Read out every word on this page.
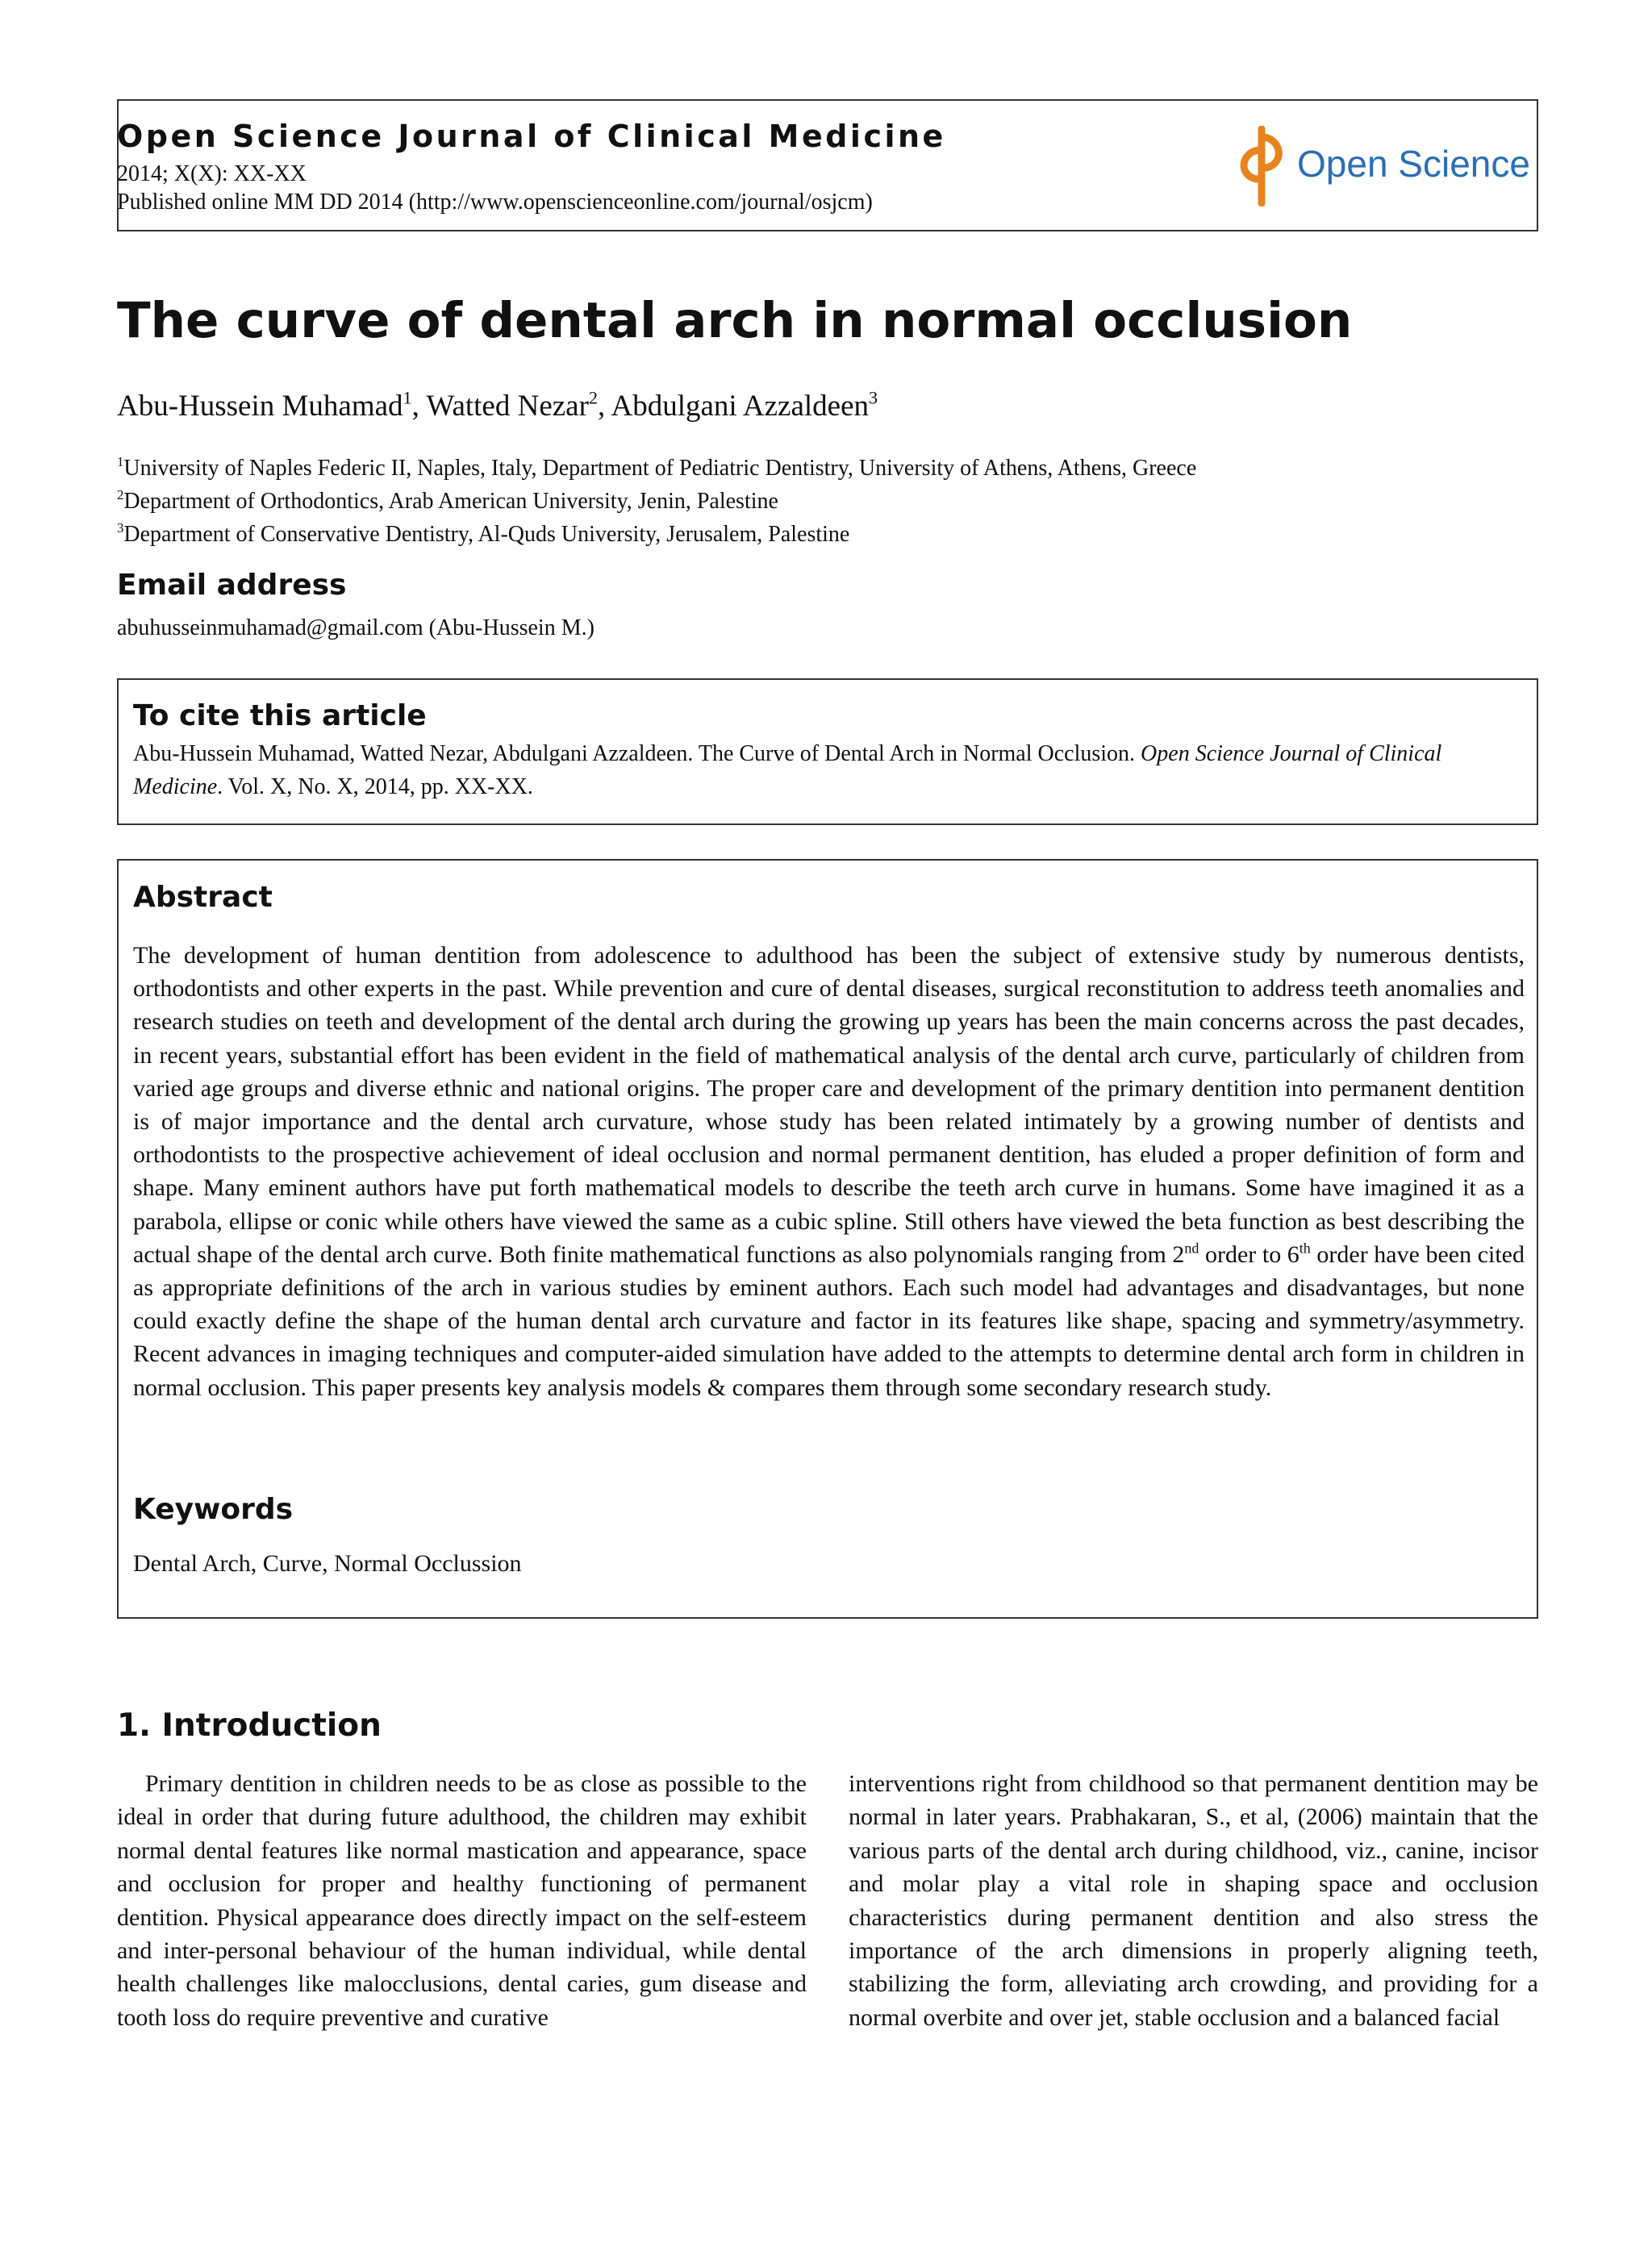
Open Science Journal of Clinical Medicine
2014; X(X): XX-XX
Published online MM DD 2014 (http://www.openscienceonline.com/journal/osjcm)
Open Science
The curve of dental arch in normal occlusion
Abu-Hussein Muhamad$^1$, Watted Nezar$^2$, Abdulgani Azzaldeen$^3$
$^1$University of Naples Federic II, Naples, Italy, Department of Pediatric Dentistry, University of Athens, Athens, Greece
$^2$Department of Orthodontics, Arab American University, Jenin, Palestine
$^3$Department of Conservative Dentistry, Al-Quds University, Jerusalem, Palestine
Email address
abuhusseinmuhamad@gmail.com (Abu-Hussein M.)
To cite this article
Abu-Hussein Muhamad, Watted Nezar, Abdulgani Azzaldeen. The Curve of Dental Arch in Normal Occlusion. Open Science Journal of Clinical Medicine. Vol. X, No. X, 2014, pp. XX-XX.
Abstract
The development of human dentition from adolescence to adulthood has been the subject of extensive study by numerous dentists, orthodontists and other experts in the past. While prevention and cure of dental diseases, surgical reconstitution to address teeth anomalies and research studies on teeth and development of the dental arch during the growing up years has been the main concerns across the past decades, in recent years, substantial effort has been evident in the field of mathematical analysis of the dental arch curve, particularly of children from varied age groups and diverse ethnic and national origins. The proper care and development of the primary dentition into permanent dentition is of major importance and the dental arch curvature, whose study has been related intimately by a growing number of dentists and orthodontists to the prospective achievement of ideal occlusion and normal permanent dentition, has eluded a proper definition of form and shape. Many eminent authors have put forth mathematical models to describe the teeth arch curve in humans. Some have imagined it as a parabola, ellipse or conic while others have viewed the same as a cubic spline. Still others have viewed the beta function as best describing the actual shape of the dental arch curve. Both finite mathematical functions as also polynomials ranging from 2nd order to 6th order have been cited as appropriate definitions of the arch in various studies by eminent authors. Each such model had advantages and disadvantages, but none could exactly define the shape of the human dental arch curvature and factor in its features like shape, spacing and symmetry/asymmetry. Recent advances in imaging techniques and computer-aided simulation have added to the attempts to determine dental arch form in children in normal occlusion. This paper presents key analysis models & compares them through some secondary research study.
Keywords
Dental Arch, Curve, Normal Occlussion
1. Introduction
Primary dentition in children needs to be as close as possible to the ideal in order that during future adulthood, the children may exhibit normal dental features like normal mastication and appearance, space and occlusion for proper and healthy functioning of permanent dentition. Physical appearance does directly impact on the self-esteem and inter-personal behaviour of the human individual, while dental health challenges like malocclusions, dental caries, gum disease and tooth loss do require preventive and curative
interventions right from childhood so that permanent dentition may be normal in later years. Prabhakaran, S., et al, (2006) maintain that the various parts of the dental arch during childhood, viz., canine, incisor and molar play a vital role in shaping space and occlusion characteristics during permanent dentition and also stress the importance of the arch dimensions in properly aligning teeth, stabilizing the form, alleviating arch crowding, and providing for a normal overbite and over jet, stable occlusion and a balanced facial
